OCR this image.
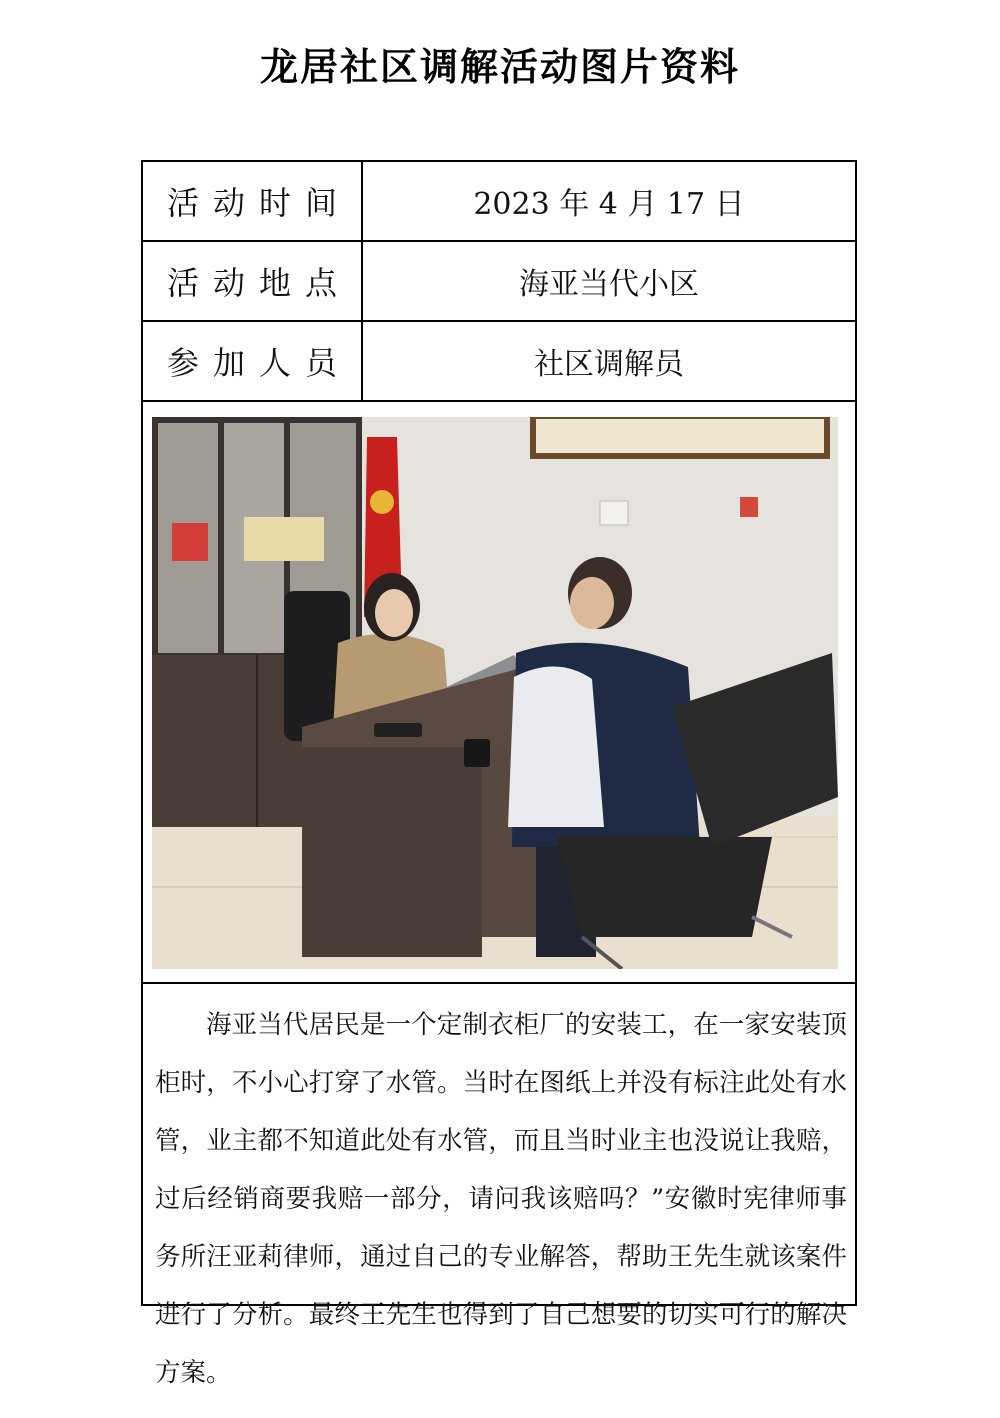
龙居社区调解活动图片资料
活动时间	2023 年 4 月 17 日
活动地点	海亚当代小区
参加人员	社区调解员

海亚当代居民是一个定制衣柜厂的安装工，在一家安装顶柜时，不小心打穿了水管。当时在图纸上并没有标注此处有水管，业主都不知道此处有水管，而且当时业主也没说让我赔，过后经销商要我赔一部分，请问我该赔吗？”安徽时宪律师事务所汪亚莉律师，通过自己的专业解答，帮助王先生就该案件进行了分析。最终王先生也得到了自己想要的切实可行的解决方案。
